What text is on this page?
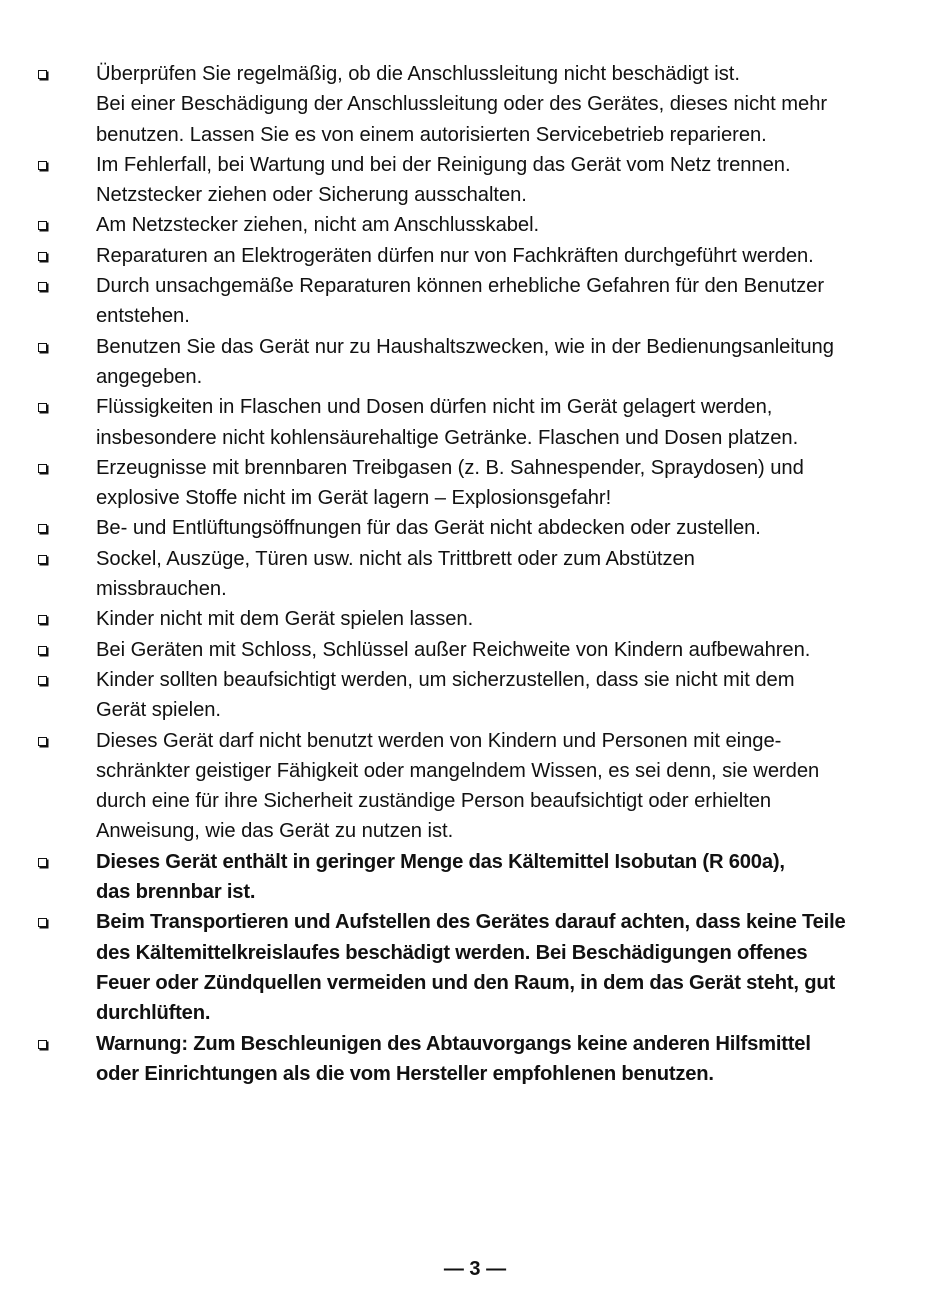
Überprüfen Sie regelmäßig, ob die Anschlussleitung nicht beschädigt ist.
Bei einer Beschädigung der Anschlussleitung oder des Gerätes, dieses nicht mehr
benutzen. Lassen Sie es von einem autorisierten Servicebetrieb reparieren.
Im Fehlerfall, bei Wartung und bei der Reinigung das Gerät vom Netz trennen.
Netzstecker ziehen oder Sicherung ausschalten.
Am Netzstecker ziehen, nicht am Anschlusskabel.
Reparaturen an Elektrogeräten dürfen nur von Fachkräften durchgeführt werden.
Durch unsachgemäße Reparaturen können erhebliche Gefahren für den Benutzer
entstehen.
Benutzen Sie das Gerät nur zu Haushaltszwecken, wie in der Bedienungsanleitung
angegeben.
Flüssigkeiten in Flaschen und Dosen dürfen nicht im Gerät gelagert werden,
insbesondere nicht kohlensäurehaltige Getränke. Flaschen und Dosen platzen.
Erzeugnisse mit brennbaren Treibgasen (z. B. Sahnespender, Spraydosen) und
explosive Stoffe nicht im Gerät lagern – Explosionsgefahr!
Be- und Entlüftungsöffnungen für das Gerät nicht abdecken oder zustellen.
Sockel, Auszüge, Türen usw. nicht als Trittbrett oder zum Abstützen
missbrauchen.
Kinder nicht mit dem Gerät spielen lassen.
Bei Geräten mit Schloss, Schlüssel außer Reichweite von Kindern aufbewahren.
Kinder sollten beaufsichtigt werden, um sicherzustellen, dass sie nicht mit dem
Gerät spielen.
Dieses Gerät darf nicht benutzt werden von Kindern und Personen mit einge-
schränkter geistiger Fähigkeit oder mangelndem Wissen, es sei denn, sie werden
durch eine für ihre Sicherheit zuständige Person beaufsichtigt oder erhielten
Anweisung, wie das Gerät zu nutzen ist.
Dieses Gerät enthält in geringer Menge das Kältemittel Isobutan (R 600a),
das brennbar ist.
Beim Transportieren und Aufstellen des Gerätes darauf achten, dass keine Teile
des Kältemittelkreislaufes beschädigt werden. Bei Beschädigungen offenes
Feuer oder Zündquellen vermeiden und den Raum, in dem das Gerät steht, gut
durchlüften.
Warnung: Zum Beschleunigen des Abtauvorgangs keine anderen Hilfsmittel
oder Einrichtungen als die vom Hersteller empfohlenen benutzen.
— 3 —
